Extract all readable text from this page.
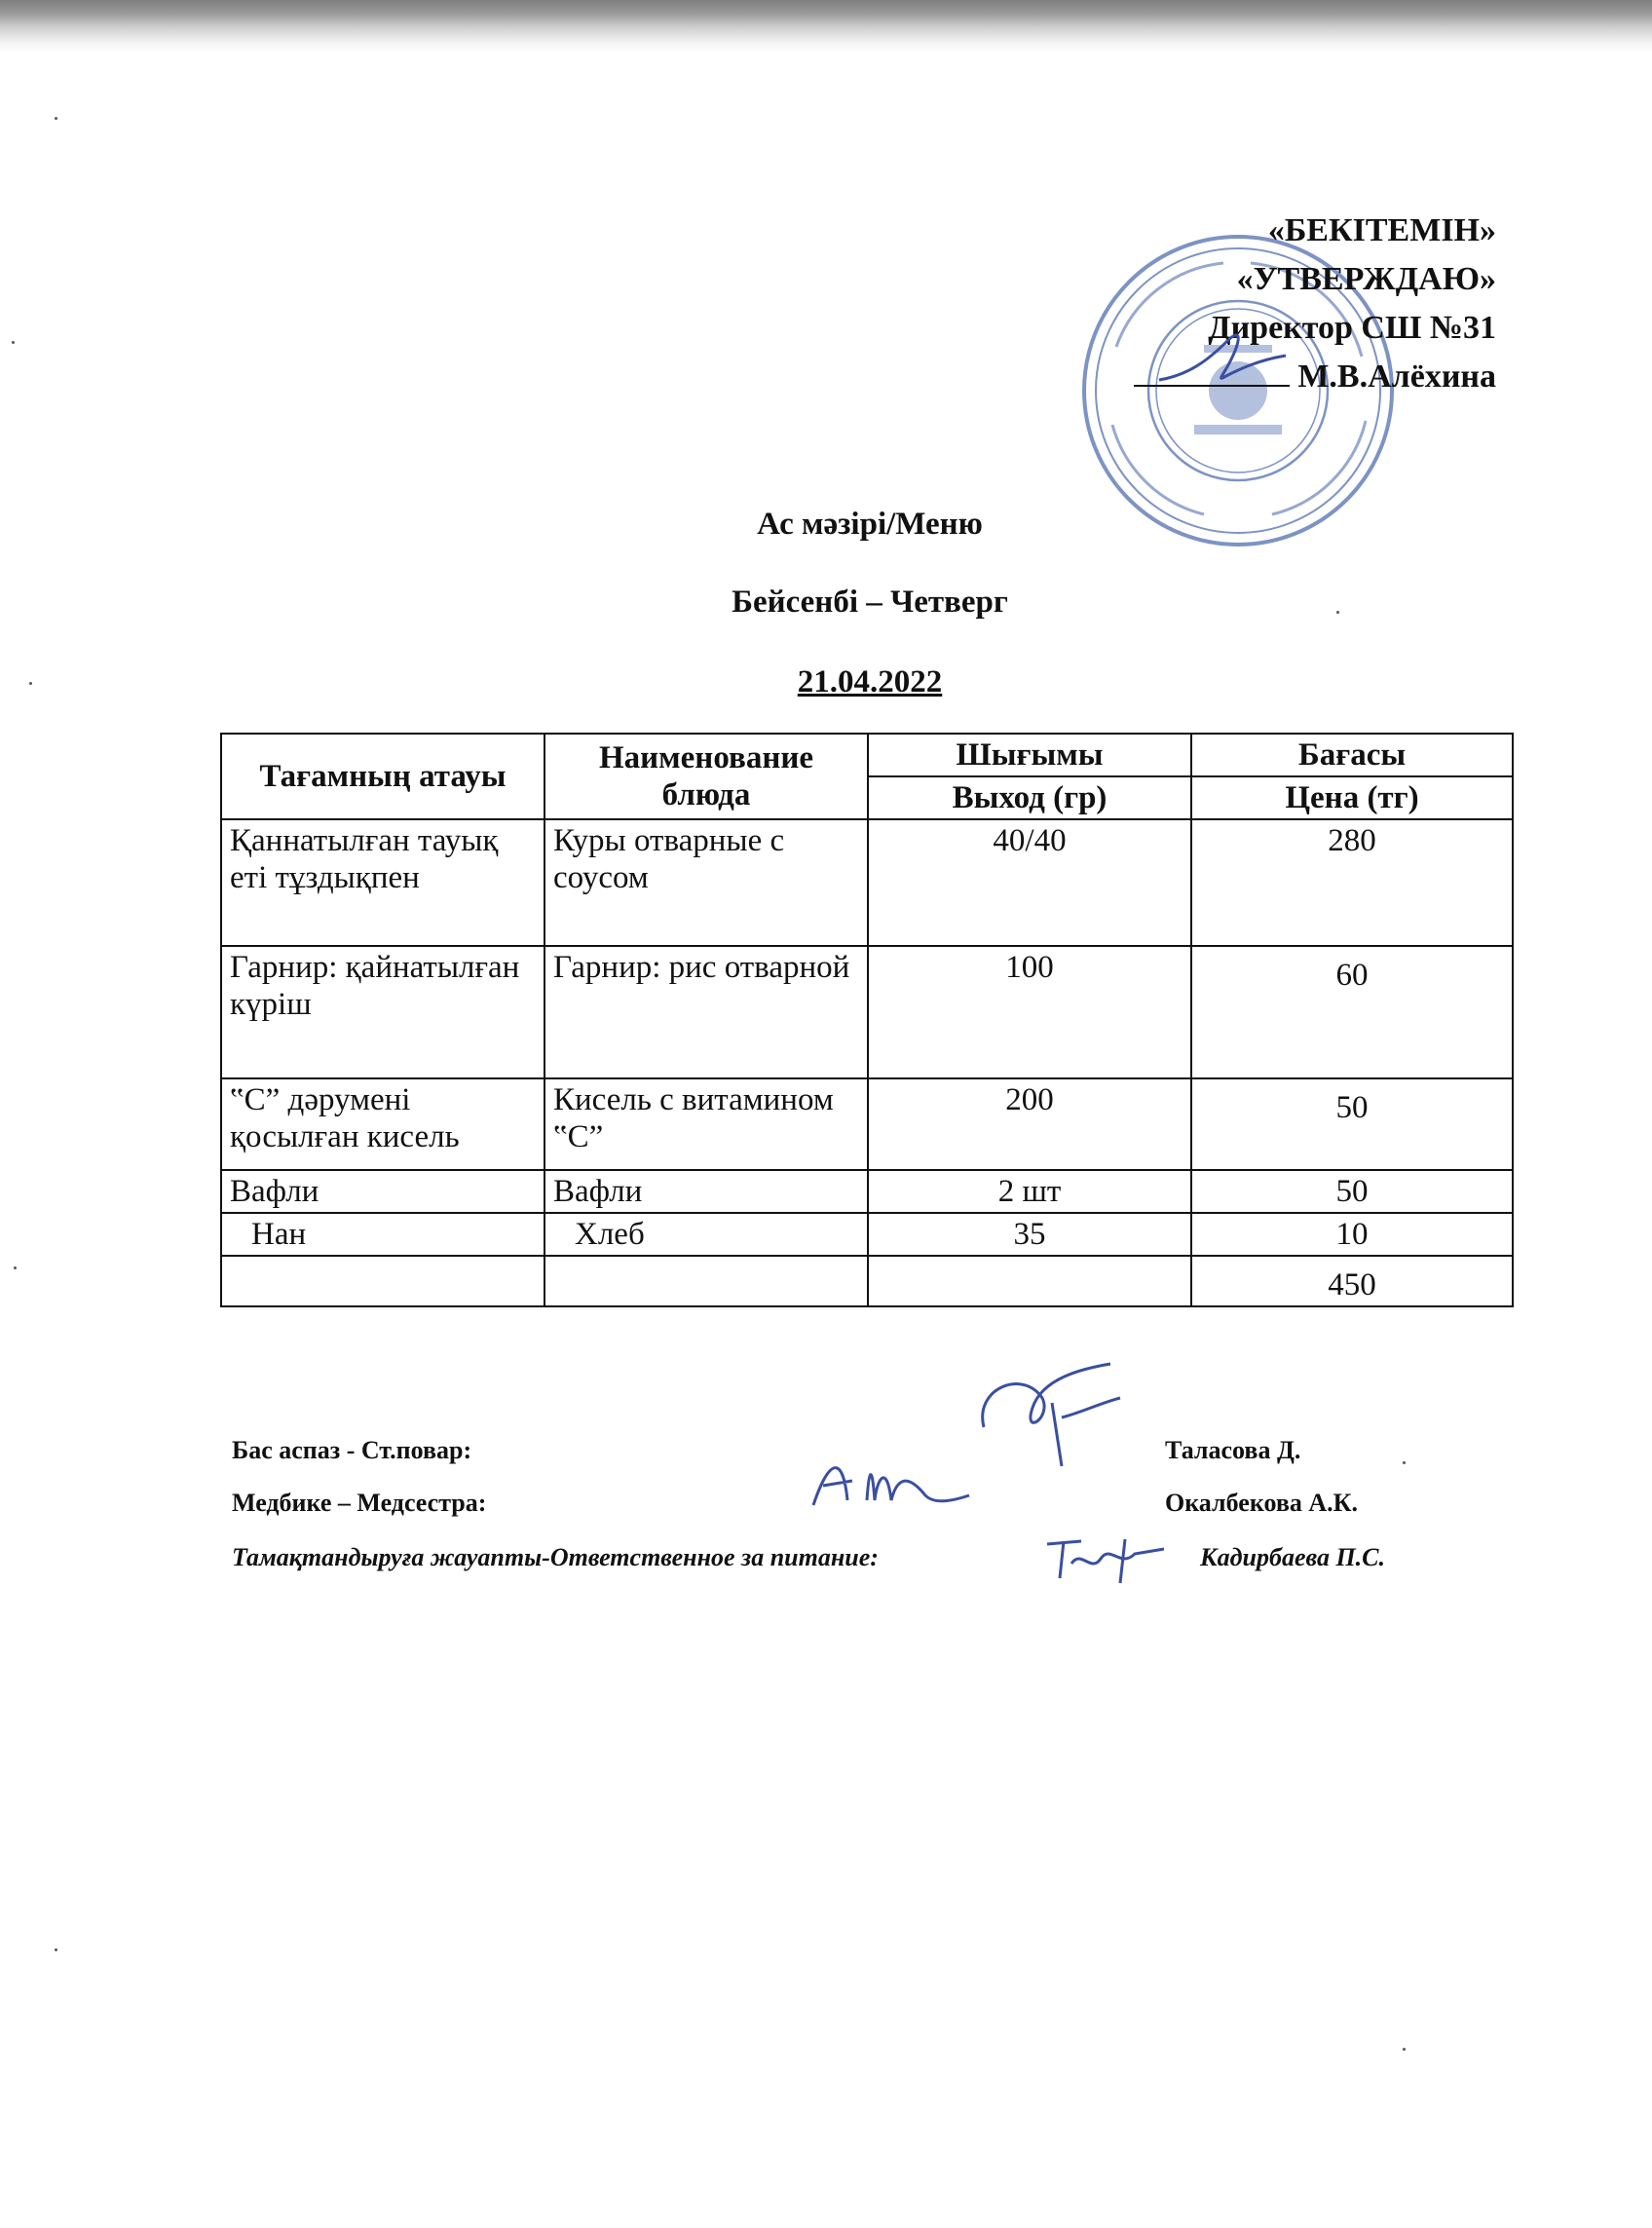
«БЕКІТЕМІН»
«УТВЕРЖДАЮ»
Директор СШ №31
М.В.Алёхина
Ас мәзірі/Меню
Бейсенбі – Четверг
21.04.2022
Тағамның атауы	Наименование блюда	Шығымы	Бағасы
		Выход (гр)	Цена (тг)
Қаннатылған тауық еті тұздықпен	Куры отварные с соусом	40/40	280
Гарнир: қайнатылған күріш	Гарнир: рис отварной	100	60
‟С” дәрумені қосылған кисель	Кисель с витамином ‟С”	200	50
Вафли	Вафли	2 шт	50
Нан	Хлеб	35	10
			450
Бас аспаз - Ст.повар:	Таласова Д.
Медбике – Медсестра:	Окалбекова А.К.
Тамақтандыруға жауапты-Ответственное за питание:	Кадирбаева П.С.
